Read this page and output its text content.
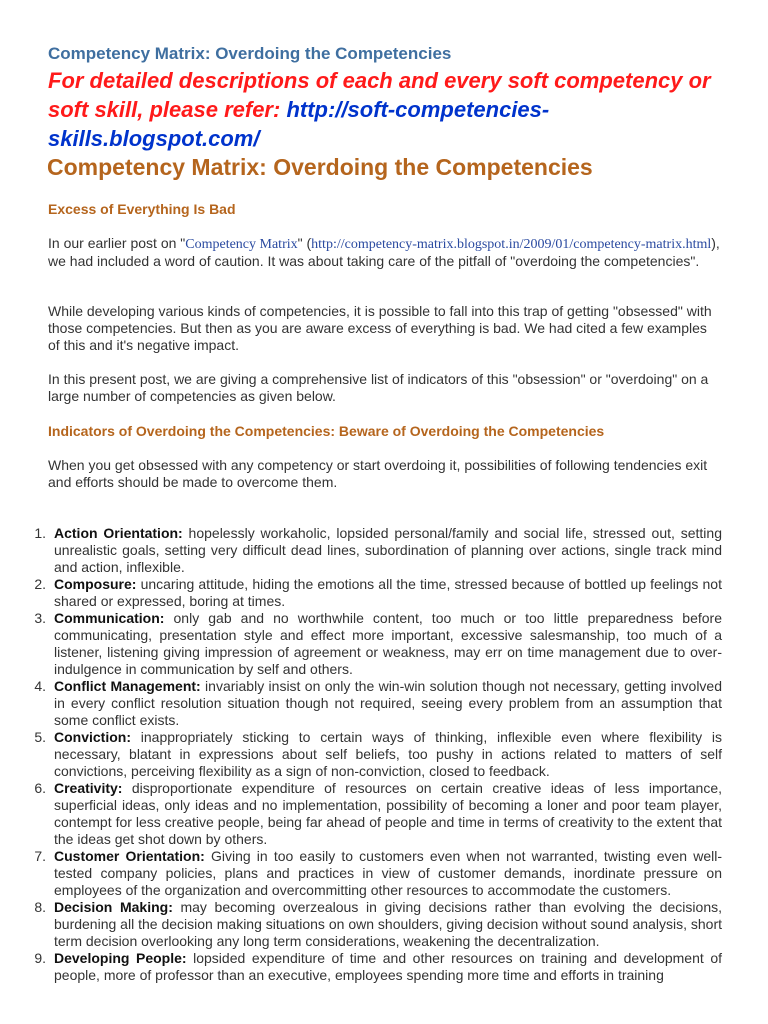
Competency Matrix: Overdoing the Competencies
For detailed descriptions of each and every soft competency or soft skill, please refer: http://soft-competencies-skills.blogspot.com/
Competency Matrix: Overdoing the Competencies
Excess of Everything Is Bad
In our earlier post on "Competency Matrix" (http://competency-matrix.blogspot.in/2009/01/competency-matrix.html), we had included a word of caution. It was about taking care of the pitfall of "overdoing the competencies".
While developing various kinds of competencies, it is possible to fall into this trap of getting "obsessed" with those competencies. But then as you are aware excess of everything is bad. We had cited a few examples of this and it's negative impact.
In this present post, we are giving a comprehensive list of indicators of this "obsession" or "overdoing" on a large number of competencies as given below.
Indicators of Overdoing the Competencies: Beware of Overdoing the Competencies
When you get obsessed with any competency or start overdoing it, possibilities of following tendencies exit and efforts should be made to overcome them.
1. Action Orientation: hopelessly workaholic, lopsided personal/family and social life, stressed out, setting unrealistic goals, setting very difficult dead lines, subordination of planning over actions, single track mind and action, inflexible.
2. Composure: uncaring attitude, hiding the emotions all the time, stressed because of bottled up feelings not shared or expressed, boring at times.
3. Communication: only gab and no worthwhile content, too much or too little preparedness before communicating, presentation style and effect more important, excessive salesmanship, too much of a listener, listening giving impression of agreement or weakness, may err on time management due to over-indulgence in communication by self and others.
4. Conflict Management: invariably insist on only the win-win solution though not necessary, getting involved in every conflict resolution situation though not required, seeing every problem from an assumption that some conflict exists.
5. Conviction: inappropriately sticking to certain ways of thinking, inflexible even where flexibility is necessary, blatant in expressions about self beliefs, too pushy in actions related to matters of self convictions, perceiving flexibility as a sign of non-conviction, closed to feedback.
6. Creativity: disproportionate expenditure of resources on certain creative ideas of less importance, superficial ideas, only ideas and no implementation, possibility of becoming a loner and poor team player, contempt for less creative people, being far ahead of people and time in terms of creativity to the extent that the ideas get shot down by others.
7. Customer Orientation: Giving in too easily to customers even when not warranted, twisting even well-tested company policies, plans and practices in view of customer demands, inordinate pressure on employees of the organization and overcommitting other resources to accommodate the customers.
8. Decision Making: may becoming overzealous in giving decisions rather than evolving the decisions, burdening all the decision making situations on own shoulders, giving decision without sound analysis, short term decision overlooking any long term considerations, weakening the decentralization.
9. Developing People: lopsided expenditure of time and other resources on training and development of people, more of professor than an executive, employees spending more time and efforts in training
